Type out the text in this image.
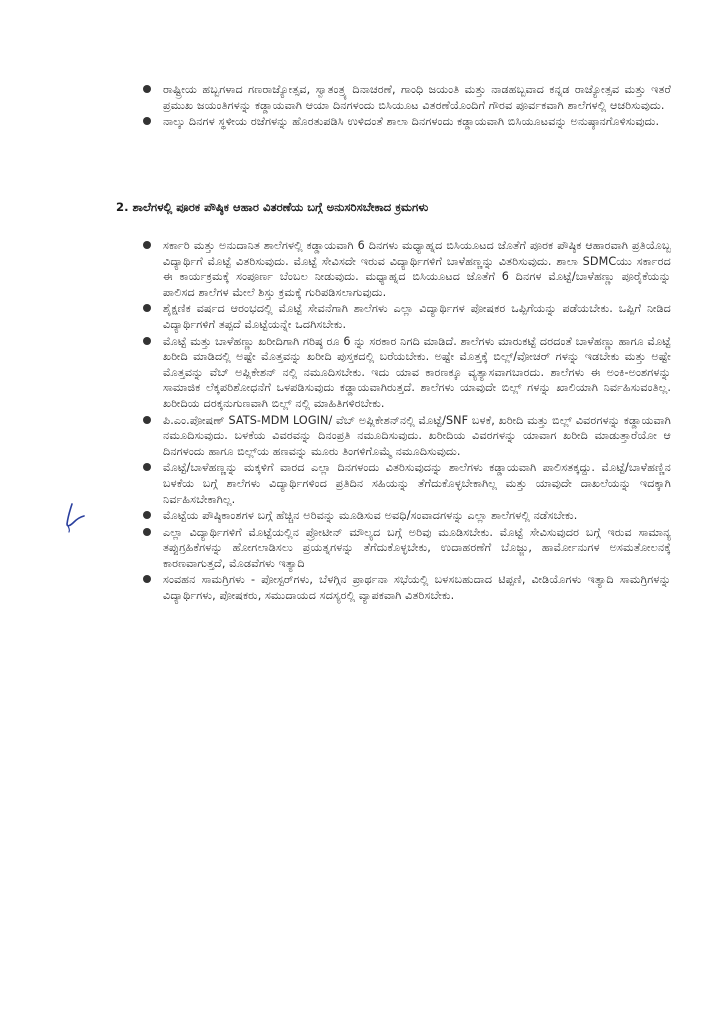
ರಾಷ್ಟ್ರೀಯ ಹಬ್ಬಗಳಾದ ಗಣರಾಜ್ಯೋತ್ಸವ, ಸ್ವಾತಂತ್ರ್ಯ ದಿನಾಚರಣೆ, ಗಾಂಧಿ ಜಯಂತಿ ಮತ್ತು ನಾಡಹಬ್ಬವಾದ ಕನ್ನಡ ರಾಜ್ಯೋತ್ಸವ ಮತ್ತು ಇತರೆ ಪ್ರಮುಖ ಜಯಂತಿಗಳನ್ನು ಕಡ್ಡಾಯವಾಗಿ ಆಯಾ ದಿನಗಳಂದು ಬಿಸಿಯೂಟ ವಿತರಣೆಯೊಂದಿಗೆ ಗೌರವ ಪೂರ್ವಕವಾಗಿ ಶಾಲೆಗಳಲ್ಲಿ ಆಚರಿಸುವುದು.
ನಾಲ್ಕು ದಿನಗಳ ಸ್ಥಳೀಯ ರಜೆಗಳನ್ನು ಹೊರತುಪಡಿಸಿ ಉಳಿದಂತೆ ಶಾಲಾ ದಿನಗಳಂದು ಕಡ್ಡಾಯವಾಗಿ ಬಿಸಿಯೂಟವನ್ನು ಅನುಷ್ಠಾನಗೊಳಿಸುವುದು.
2. ಶಾಲೆಗಳಲ್ಲಿ ಪೂರಕ ಪೌಷ್ಠಿಕ ಆಹಾರ ವಿತರಣೆಯ ಬಗ್ಗೆ ಅನುಸರಿಸಬೇಕಾದ ಕ್ರಮಗಳು
ಸರ್ಕಾರಿ ಮತ್ತು ಅನುದಾನಿತ ಶಾಲೆಗಳಲ್ಲಿ ಕಡ್ಡಾಯವಾಗಿ 6 ದಿನಗಳು ಮಧ್ಯಾಹ್ನದ ಬಿಸಿಯೂಟದ ಜೊತೆಗೆ ಪೂರಕ ಪೌಷ್ಠಿಕ ಆಹಾರವಾಗಿ ಪ್ರತಿಯೊಬ್ಬ ವಿದ್ಯಾರ್ಥಿಗೆ ಮೊಟ್ಟೆ ವಿತರಿಸುವುದು. ಮೊಟ್ಟೆ ಸೇವಿಸದೇ ಇರುವ ವಿದ್ಯಾರ್ಥಿಗಳಿಗೆ ಬಾಳೆಹಣ್ಣನ್ನು ವಿತರಿಸುವುದು. ಶಾಲಾ SDMCಯು ಸರ್ಕಾರದ ಈ ಕಾರ್ಯಕ್ರಮಕ್ಕೆ ಸಂಪೂರ್ಣ ಬೆಂಬಲ ನೀಡುವುದು. ಮಧ್ಯಾಹ್ನದ ಬಿಸಿಯೂಟದ ಜೊತೆಗೆ 6 ದಿನಗಳ ಮೊಟ್ಟೆ/ಬಾಳೆಹಣ್ಣು ಪೂರೈಕೆಯನ್ನು ಪಾಲಿಸದ ಶಾಲೆಗಳ ಮೇಲೆ ಶಿಸ್ತು ಕ್ರಮಕ್ಕೆ ಗುರಿಪಡಿಸಲಾಗುವುದು.
ಶೈಕ್ಷಣಿಕ ವರ್ಷದ ಆರಂಭದಲ್ಲಿ ಮೊಟ್ಟೆ ಸೇವನೆಗಾಗಿ ಶಾಲೆಗಳು ಎಲ್ಲಾ ವಿದ್ಯಾರ್ಥಿಗಳ ಪೋಷಕರ ಒಪ್ಪಿಗೆಯನ್ನು ಪಡೆಯಬೇಕು. ಒಪ್ಪಿಗೆ ನೀಡಿದ ವಿದ್ಯಾರ್ಥಿಗಳಿಗೆ ತಪ್ಪದೆ ಮೊಟ್ಟೆಯನ್ನೇ ಒದಗಿಸಬೇಕು.
ಮೊಟ್ಟೆ ಮತ್ತು ಬಾಳೆಹಣ್ಣು ಖರೀದಿಗಾಗಿ ಗರಿಷ್ಠ ರೂ 6 ನ್ನು ಸರಕಾರ ನಿಗದಿ ಮಾಡಿದೆ. ಶಾಲೆಗಳು ಮಾರುಕಟ್ಟೆ ದರದಂತೆ ಬಾಳೆಹಣ್ಣು ಹಾಗೂ ಮೊಟ್ಟೆ ಖರೀದಿ ಮಾಡಿದಲ್ಲಿ ಅಷ್ಟೇ ಮೊತ್ತವನ್ನು ಖರೀದಿ ಪುಸ್ತಕದಲ್ಲಿ ಬರೆಯಬೇಕು. ಅಷ್ಟೇ ಮೊತ್ತಕ್ಕೆ ಬಿಲ್ಲ್/ವೋಚರ್ ಗಳನ್ನು ಇಡಬೇಕು ಮತ್ತು ಅಷ್ಟೇ ಮೊತ್ತವನ್ನು ವೆಬ್ ಅಪ್ಲಿಕೇಶನ್ ನಲ್ಲಿ ನಮೂದಿಸಬೇಕು. ಇದು ಯಾವ ಕಾರಣಕ್ಕೂ ವ್ಯತ್ಯಾಸವಾಗಬಾರದು. ಶಾಲೆಗಳು ಈ ಅಂಕಿ-ಅಂಶಗಳನ್ನು ಸಾಮಾಜಿಕ ಲೆಕ್ಕಪರಿಶೋಧನೆಗೆ ಒಳಪಡಿಸುವುದು ಕಡ್ಡಾಯವಾಗಿರುತ್ತದೆ. ಶಾಲೆಗಳು ಯಾವುದೇ ಬಿಲ್ಲ್ ಗಳನ್ನು ಖಾಲಿಯಾಗಿ ನಿರ್ವಹಿಸುವಂತಿಲ್ಲ. ಖರೀದಿಯ ದರಕ್ಕನುಗುಣವಾಗಿ ಬಿಲ್ಲ್ ನಲ್ಲಿ ಮಾಹಿತಿಗಳಿರಬೇಕು.
ಪಿ.ಎಂ.ಪೋಷಣ್ SATS-MDM LOGIN/ ವೆಬ್ ಅಪ್ಲಿಕೇಶನ್‌ನಲ್ಲಿ ಮೊಟ್ಟೆ/SNF ಬಳಕೆ, ಖರೀದಿ ಮತ್ತು ಬಿಲ್ಲ್ ವಿವರಗಳನ್ನು ಕಡ್ಡಾಯವಾಗಿ ನಮೂದಿಸುವುದು. ಬಳಕೆಯ ವಿವರವನ್ನು ದಿನಂಪ್ರತಿ ನಮೂದಿಸುವುದು. ಖರೀದಿಯ ವಿವರಗಳನ್ನು ಯಾವಾಗ ಖರೀದಿ ಮಾಡುತ್ತಾರೆಯೋ ಆ ದಿನಗಳಂದು ಹಾಗೂ ಬಿಲ್ಲ್‌ಯ ಹಣವನ್ನು ಮೂರು ತಿಂಗಳಿಗೊಮ್ಮೆ ನಮೂದಿಸುವುದು.
ಮೊಟ್ಟೆ/ಬಾಳೆಹಣ್ಣನ್ನು ಮಕ್ಕಳಿಗೆ ವಾರದ ಎಲ್ಲಾ ದಿನಗಳಂದು ವಿತರಿಸುವುದನ್ನು ಶಾಲೆಗಳು ಕಡ್ಡಾಯವಾಗಿ ಪಾಲಿಸತಕ್ಕದ್ದು. ಮೊಟ್ಟೆ/ಬಾಳೆಹಣ್ಣಿನ ಬಳಕೆಯ ಬಗ್ಗೆ ಶಾಲೆಗಳು ವಿದ್ಯಾರ್ಥಿಗಳಿಂದ ಪ್ರತಿದಿನ ಸಹಿಯನ್ನು ತೆಗೆದುಕೊಳ್ಳಬೇಕಾಗಿಲ್ಲ ಮತ್ತು ಯಾವುದೇ ದಾಖಲೆಯನ್ನು ಇದಕ್ಕಾಗಿ ನಿರ್ವಹಿಸಬೇಕಾಗಿಲ್ಲ.
ಮೊಟ್ಟೆಯ ಪೌಷ್ಠಿಕಾಂಶಗಳ ಬಗ್ಗೆ ಹೆಚ್ಚಿನ ಅರಿವನ್ನು ಮೂಡಿಸುವ ಅವಧಿ/ಸಂವಾದಗಳನ್ನು ಎಲ್ಲಾ ಶಾಲೆಗಳಲ್ಲಿ ನಡೆಸಬೇಕು.
ಎಲ್ಲಾ ವಿದ್ಯಾರ್ಥಿಗಳಿಗೆ ಮೊಟ್ಟೆಯಲ್ಲಿನ ಪ್ರೋಟೀನ್ ಮೌಲ್ಯದ ಬಗ್ಗೆ ಅರಿವು ಮೂಡಿಸಬೇಕು. ಮೊಟ್ಟೆ ಸೇವಿಸುವುದರ ಬಗ್ಗೆ ಇರುವ ಸಾಮಾನ್ಯ ತಪ್ಪುಗ್ರಹಿಕೆಗಳನ್ನು ಹೋಗಲಾಡಿಸಲು ಪ್ರಯತ್ನಗಳನ್ನು ತೆಗೆದುಕೊಳ್ಳಬೇಕು, ಉದಾಹರಣೆಗೆ ಬೊಜ್ಜು, ಹಾರ್ಮೋನುಗಳ ಅಸಮತೋಲನಕ್ಕೆ ಕಾರಣವಾಗುತ್ತದೆ, ಮೊಡವೆಗಳು ಇತ್ಯಾದಿ
ಸಂವಹನ ಸಾಮಗ್ರಿಗಳು - ಪೋಸ್ಟರ್‌ಗಳು, ಬೆಳಗ್ಗಿನ ಪ್ರಾರ್ಥನಾ ಸಭೆಯಲ್ಲಿ ಬಳಸಬಹುದಾದ ಟಿಪ್ಪಣಿ, ವೀಡಿಯೊಗಳು ಇತ್ಯಾದಿ ಸಾಮಗ್ರಿಗಳನ್ನು ವಿದ್ಯಾರ್ಥಿಗಳು, ಪೋಷಕರು, ಸಮುದಾಯದ ಸದಸ್ಯರಲ್ಲಿ ವ್ಯಾಪಕವಾಗಿ ವಿತರಿಸಬೇಕು.
